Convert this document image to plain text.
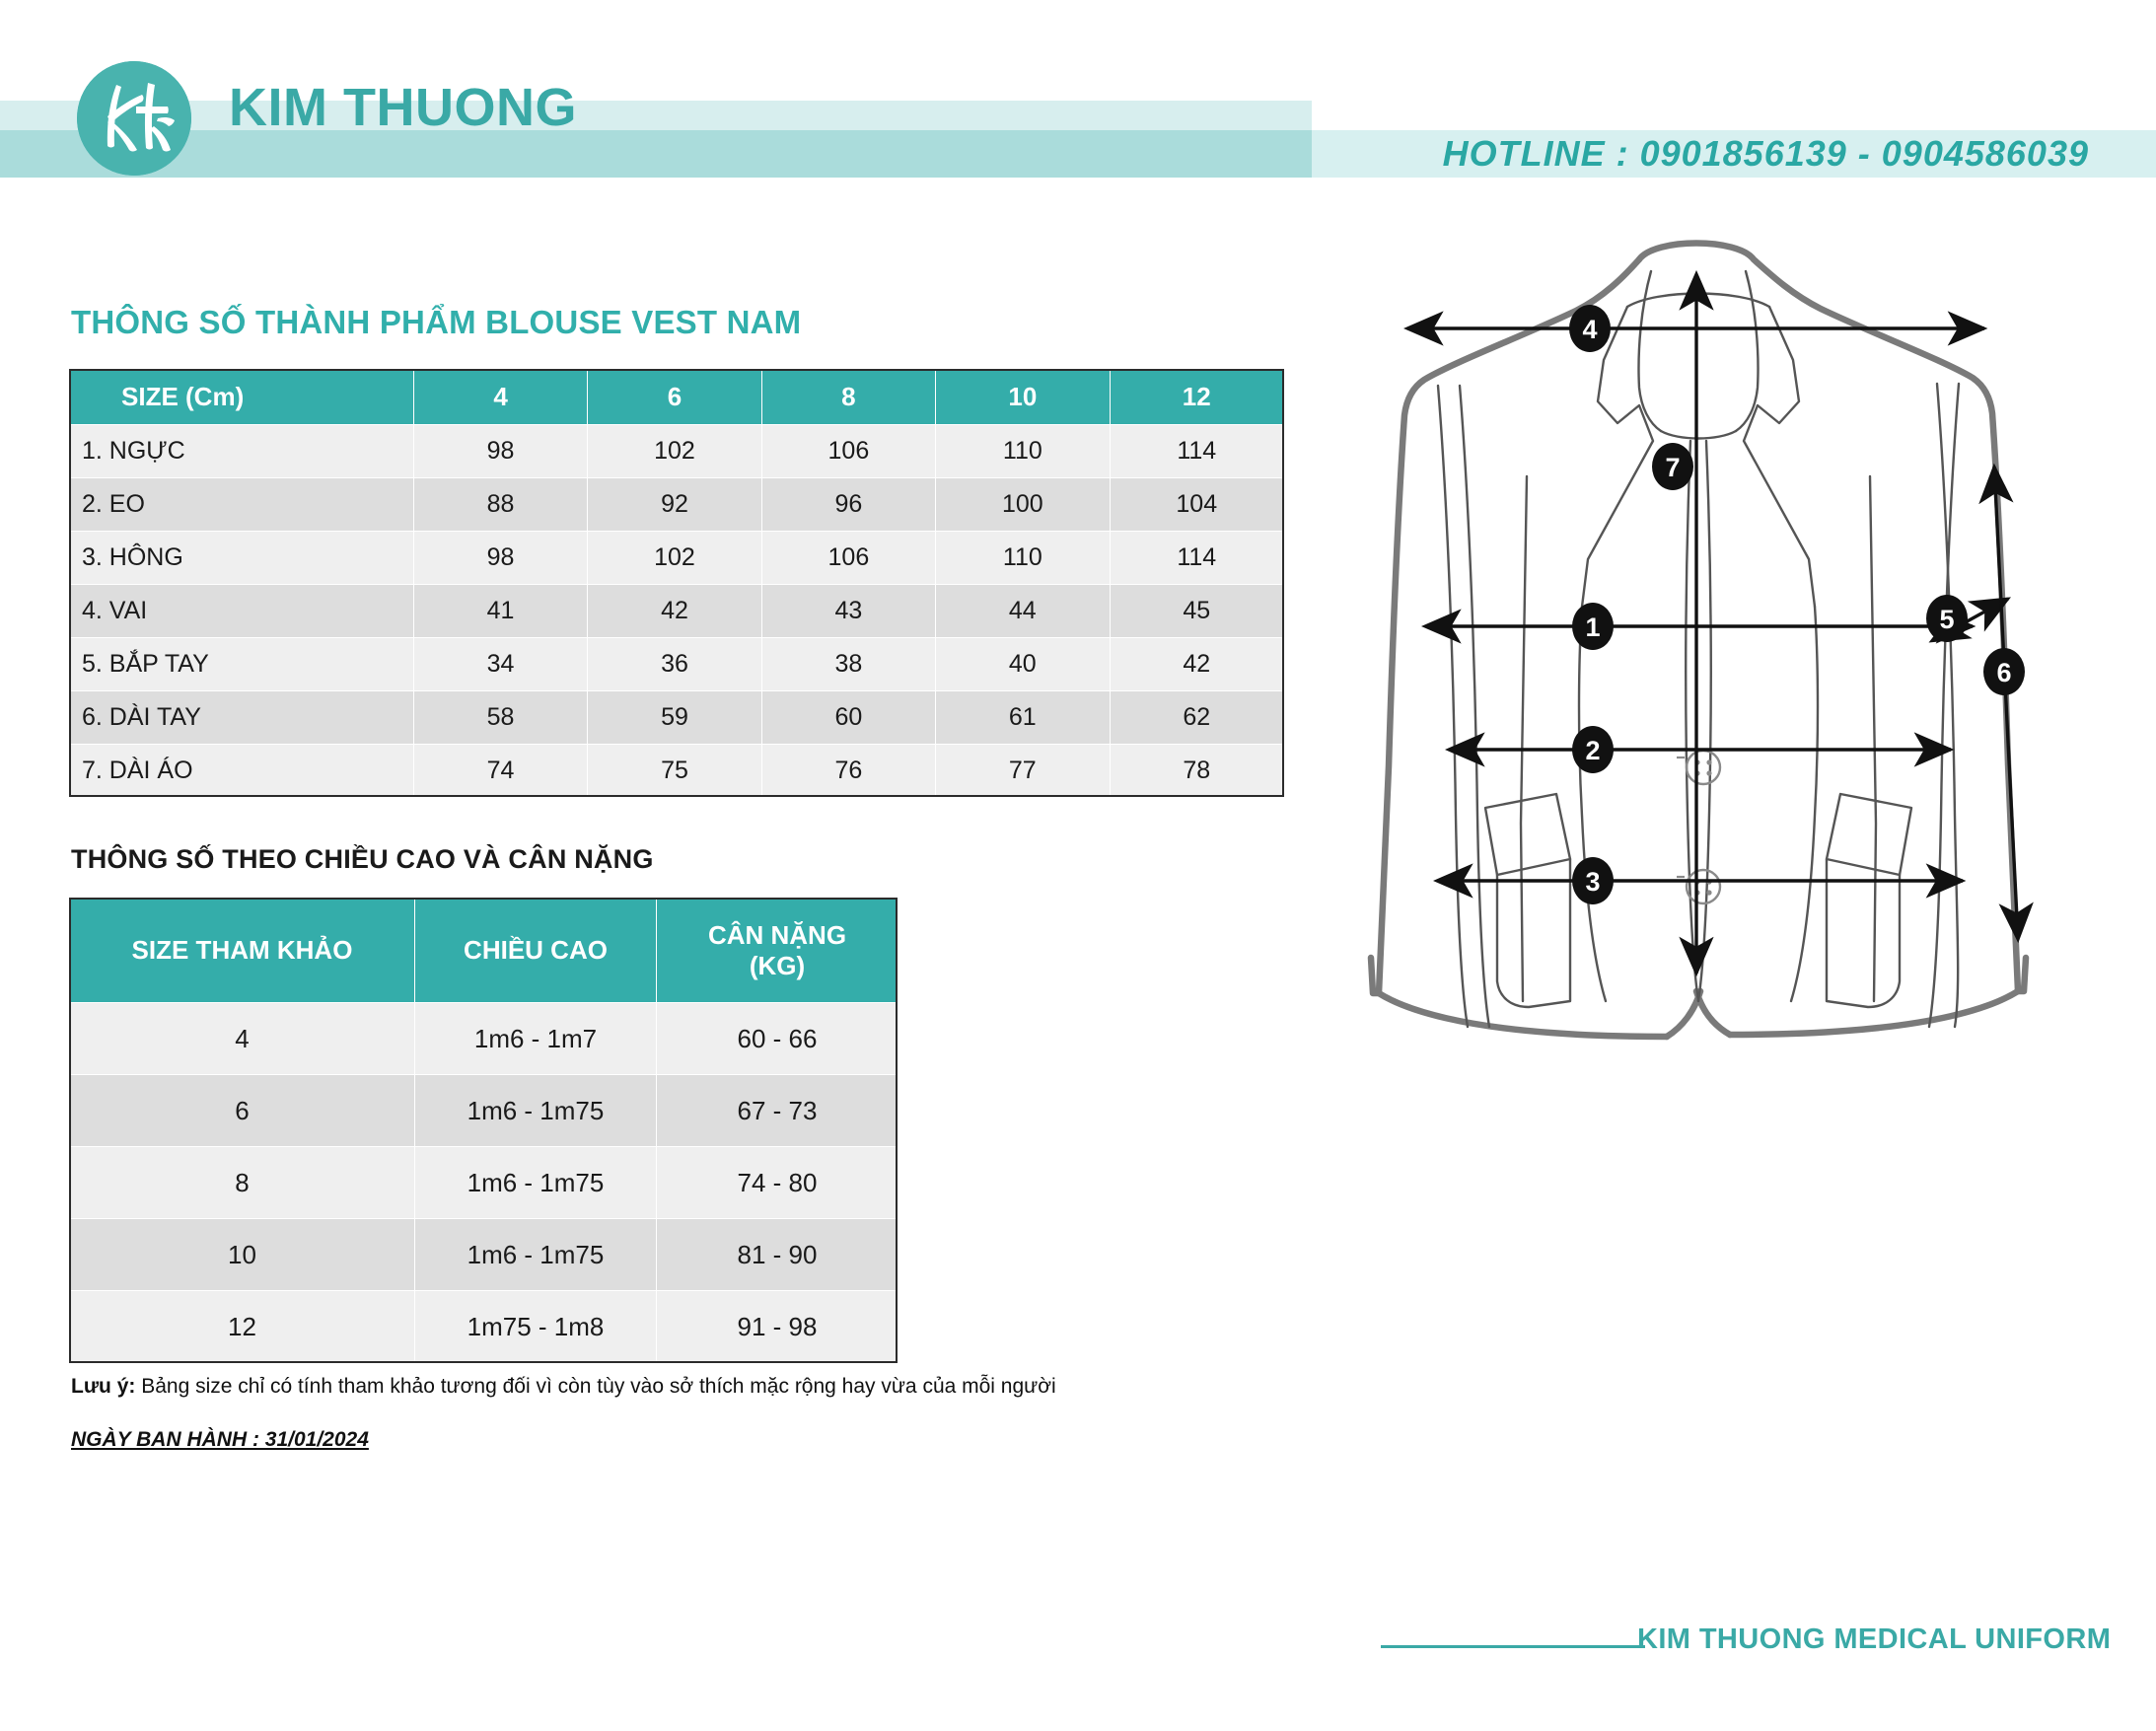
KIM THUONG
HOTLINE : 0901856139 - 0904586039
THÔNG SỐ THÀNH PHẨM BLOUSE VEST NAM
SIZE (Cm)	4	6	8	10	12
1. NGỰC	98	102	106	110	114
2. EO	88	92	96	100	104
3. HÔNG	98	102	106	110	114
4. VAI	41	42	43	44	45
5. BẮP TAY	34	36	38	40	42
6. DÀI TAY	58	59	60	61	62
7. DÀI ÁO	74	75	76	77	78
THÔNG SỐ THEO CHIỀU CAO VÀ CÂN NẶNG
SIZE THAM KHẢO	CHIỀU CAO	CÂN NẶNG
(KG)
4	1m6 - 1m7	60 - 66
6	1m6 - 1m75	67 - 73
8	1m6 - 1m75	74 - 80
10	1m6 - 1m75	81 - 90
12	1m75 - 1m8	91 - 98
Lưu ý: Bảng size chỉ có tính tham khảo tương đối vì còn tùy vào sở thích mặc rộng hay vừa của mỗi người
NGÀY BAN HÀNH : 31/01/2024
KIM THUONG MEDICAL UNIFORM
4
7
1
2
3
5
6
